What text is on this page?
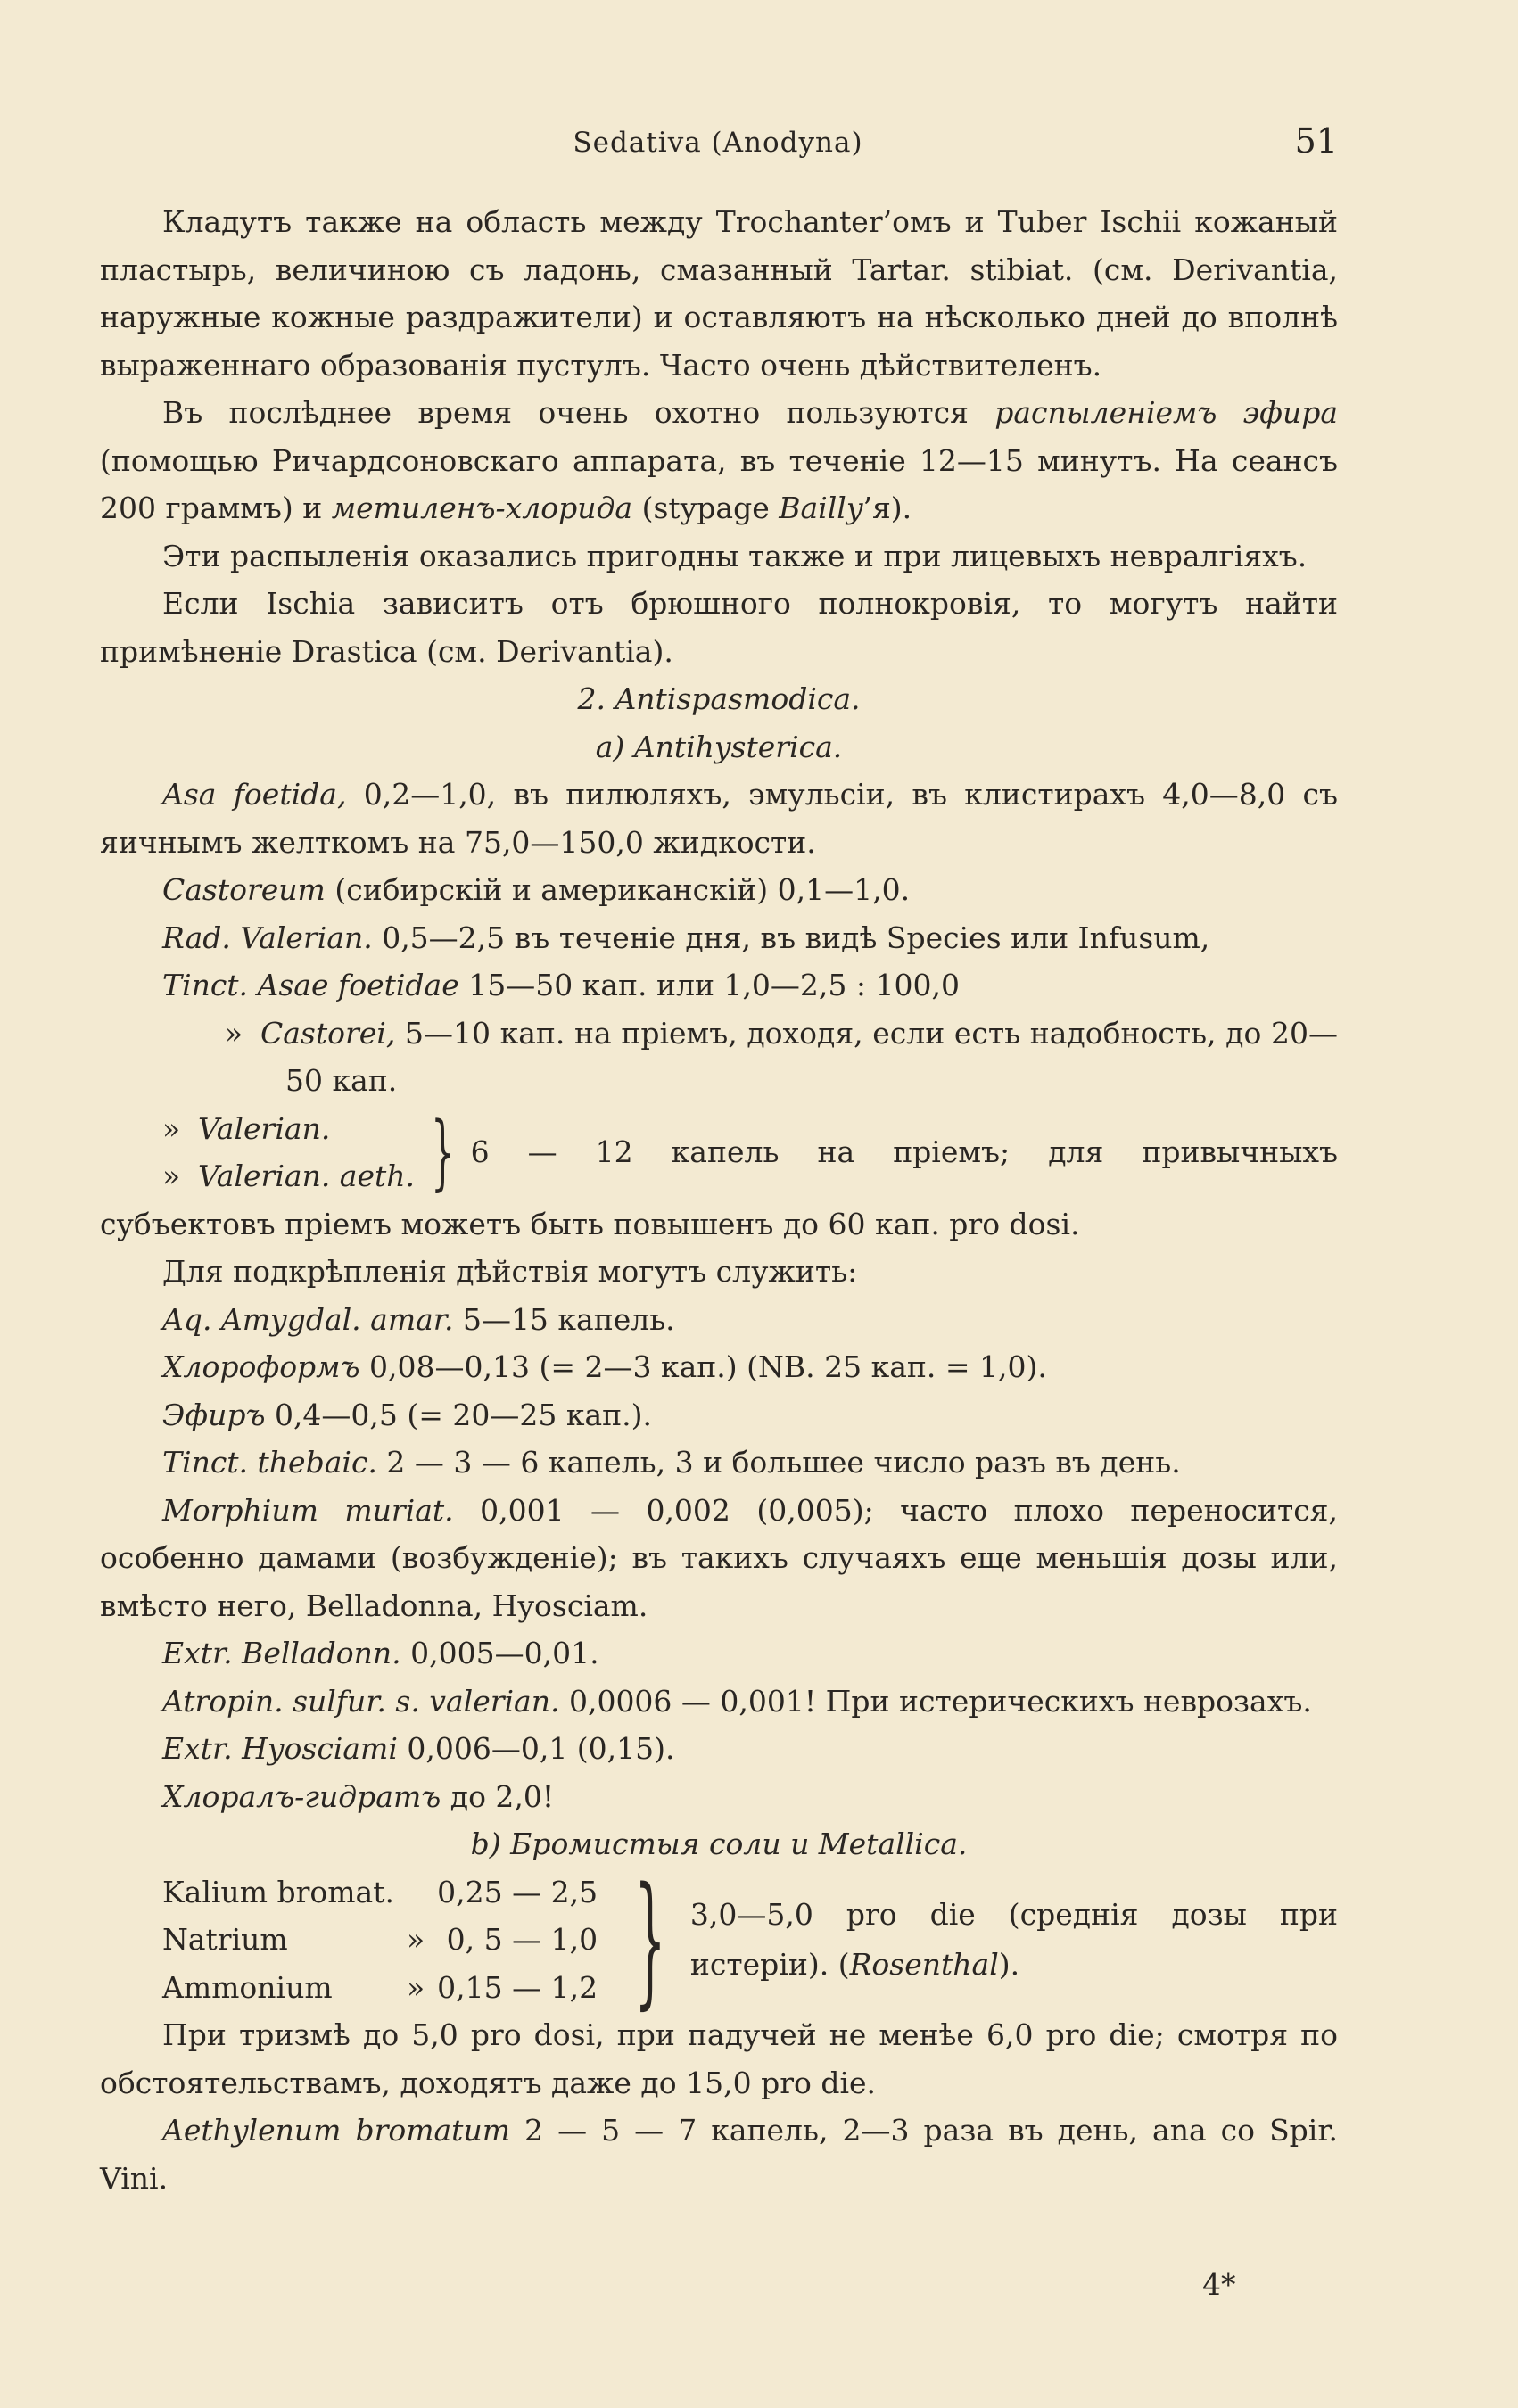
Sedativa (Anodyna)	51

Кладутъ также на область между Trochanter’омъ и Tuber Ischii кожаный пластырь, величиною съ ладонь, смазанный Tartar. stibiat. (см. Derivantia, наружные кожные раздражители) и оставляютъ на нѣсколько дней до вполнѣ выраженнаго образованія пустулъ. Часто очень дѣйствителенъ.

Въ послѣднее время очень охотно пользуются распыленіемъ эфира (помощью Ричардсоновскаго аппарата, въ теченіе 12—15 минутъ. На сеансъ 200 граммъ) и метиленъ-хлорида (stypage Bailly’я).

Эти распыленія оказались пригодны также и при лицевыхъ невралгіяхъ.

Если Ischia зависитъ отъ брюшного полнокровія, то могутъ найти примѣненіе Drastica (см. Derivantia).

2. Antispasmodica.

a) Antihysterica.

Asa foetida, 0,2—1,0, въ пилюляхъ, эмульсіи, въ клистирахъ 4,0—8,0 съ яичнымъ желткомъ на 75,0—150,0 жидкости.

Castoreum (сибирскій и американскій) 0,1—1,0.

Rad. Valerian. 0,5—2,5 въ теченіе дня, въ видѣ Species или Infusum,

Tinct. Asae foetidae 15—50 кап. или 1,0—2,5 : 100,0

» Castorei, 5—10 кап. на пріемъ, доходя, если есть надобность, до 20—50 кап.

» Valerian.
» Valerian. aeth. } 6 — 12 капель на пріемъ; для привычныхъ

субъектовъ пріемъ можетъ быть повышенъ до 60 кап. pro dosi.

Для подкрѣпленія дѣйствія могутъ служить:

Aq. Amygdal. amar. 5—15 капель.

Хлороформъ 0,08—0,13 (= 2—3 кап.) (NB. 25 кап. = 1,0).

Эфиръ 0,4—0,5 (= 20—25 кап.).

Tinct. thebaic. 2 — 3 — 6 капель, 3 и большее число разъ въ день.

Morphium muriat. 0,001 — 0,002 (0,005); часто плохо переносится, особенно дамами (возбужденіе); въ такихъ случаяхъ еще меньшія дозы или, вмѣсто него, Belladonna, Hyosciam.

Extr. Belladonn. 0,005—0,01.

Atropin. sulfur. s. valerian. 0,0006 — 0,001! При истерическихъ неврозахъ.

Extr. Hyosciami 0,006—0,1 (0,15).

Хлоралъ-гидратъ до 2,0!

b) Бромистыя соли и Metallica.

Kalium bromat.		0,25 — 2,5
Natrium	»	0, 5 — 1,0
Ammonium	»	0,15 — 1,2 } 3,0—5,0 pro die (среднія дозы при истеріи). (Rosenthal).

При тризмѣ до 5,0 pro dosi, при падучей не менѣе 6,0 pro die; смотря по обстоятельствамъ, доходятъ даже до 15,0 pro die.

Aethylenum bromatum 2 — 5 — 7 капель, 2—3 раза въ день, ana co Spir. Vini.

4*
